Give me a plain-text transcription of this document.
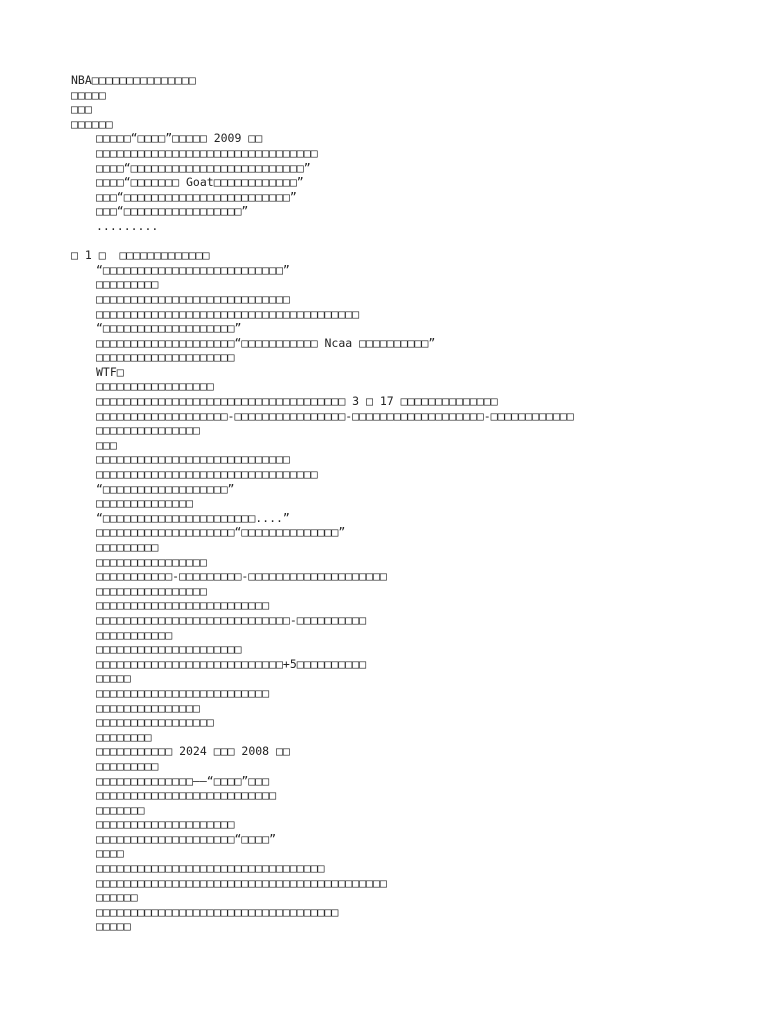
NBA□□□□□□□□□□□□□□□
□□□□□
□□□
□□□□□□
□□□□□“□□□□”□□□□□ 2009 □□
□□□□□□□□□□□□□□□□□□□□□□□□□□□□□□□□
□□□□“□□□□□□□□□□□□□□□□□□□□□□□□□”
□□□□“□□□□□□□ Goat□□□□□□□□□□□□”
□□□“□□□□□□□□□□□□□□□□□□□□□□□□”
□□□“□□□□□□□□□□□□□□□□□”
.........
□ 1 □  □□□□□□□□□□□□□
“□□□□□□□□□□□□□□□□□□□□□□□□□□”
□□□□□□□□□
□□□□□□□□□□□□□□□□□□□□□□□□□□□□
□□□□□□□□□□□□□□□□□□□□□□□□□□□□□□□□□□□□□□
“□□□□□□□□□□□□□□□□□□□”
□□□□□□□□□□□□□□□□□□□□“□□□□□□□□□□□ Ncaa □□□□□□□□□□”
□□□□□□□□□□□□□□□□□□□□
WTF□
□□□□□□□□□□□□□□□□□
□□□□□□□□□□□□□□□□□□□□□□□□□□□□□□□□□□□□ 3 □ 17 □□□□□□□□□□□□□□
□□□□□□□□□□□□□□□□□□□-□□□□□□□□□□□□□□□□-□□□□□□□□□□□□□□□□□□□-□□□□□□□□□□□□
□□□□□□□□□□□□□□□
□□□
□□□□□□□□□□□□□□□□□□□□□□□□□□□□
□□□□□□□□□□□□□□□□□□□□□□□□□□□□□□□□
“□□□□□□□□□□□□□□□□□□”
□□□□□□□□□□□□□□
“□□□□□□□□□□□□□□□□□□□□□□....”
□□□□□□□□□□□□□□□□□□□□“□□□□□□□□□□□□□□”
□□□□□□□□□
□□□□□□□□□□□□□□□□
□□□□□□□□□□□-□□□□□□□□□-□□□□□□□□□□□□□□□□□□□□
□□□□□□□□□□□□□□□□
□□□□□□□□□□□□□□□□□□□□□□□□□
□□□□□□□□□□□□□□□□□□□□□□□□□□□□-□□□□□□□□□□
□□□□□□□□□□□
□□□□□□□□□□□□□□□□□□□□□
□□□□□□□□□□□□□□□□□□□□□□□□□□□+5□□□□□□□□□□
□□□□□
□□□□□□□□□□□□□□□□□□□□□□□□□
□□□□□□□□□□□□□□□
□□□□□□□□□□□□□□□□□
□□□□□□□□
□□□□□□□□□□□ 2024 □□□ 2008 □□
□□□□□□□□□
□□□□□□□□□□□□□□——“□□□□”□□□
□□□□□□□□□□□□□□□□□□□□□□□□□□
□□□□□□□
□□□□□□□□□□□□□□□□□□□□
□□□□□□□□□□□□□□□□□□□□“□□□□”
□□□□
□□□□□□□□□□□□□□□□□□□□□□□□□□□□□□□□□
□□□□□□□□□□□□□□□□□□□□□□□□□□□□□□□□□□□□□□□□□□
□□□□□□
□□□□□□□□□□□□□□□□□□□□□□□□□□□□□□□□□□□
□□□□□
